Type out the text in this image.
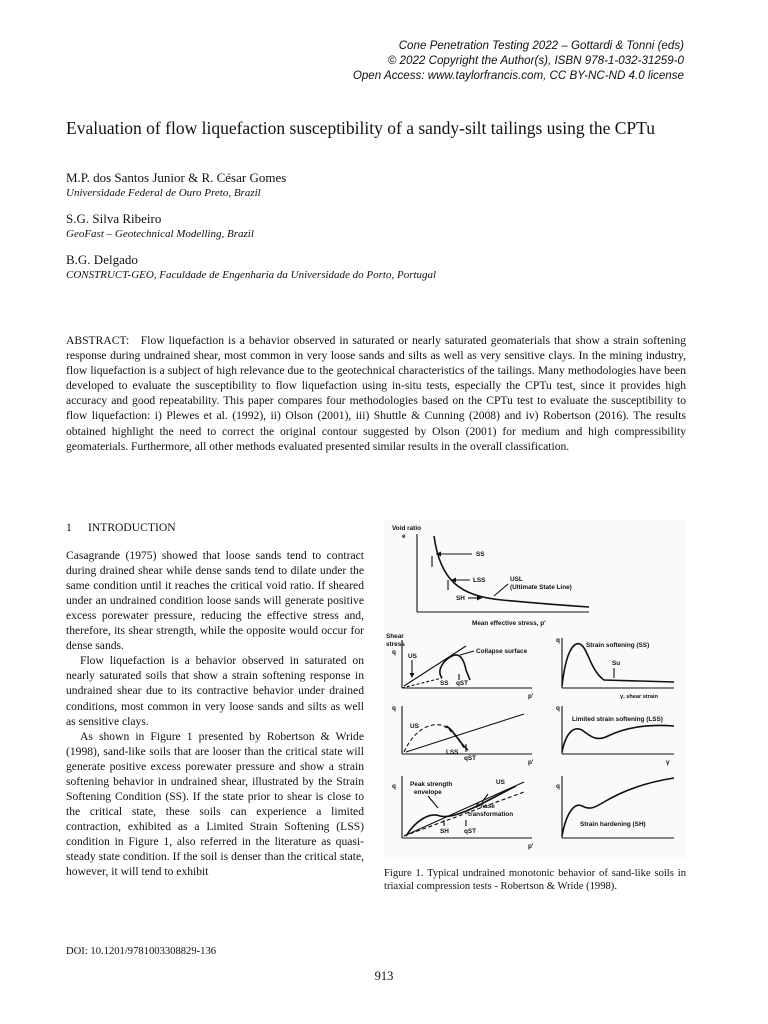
Cone Penetration Testing 2022 – Gottardi & Tonni (eds)
© 2022 Copyright the Author(s), ISBN 978-1-032-31259-0
Open Access: www.taylorfrancis.com, CC BY-NC-ND 4.0 license
Evaluation of flow liquefaction susceptibility of a sandy-silt tailings using the CPTu
M.P. dos Santos Junior & R. César Gomes
Universidade Federal de Ouro Preto, Brazil
S.G. Silva Ribeiro
GeoFast – Geotechnical Modelling, Brazil
B.G. Delgado
CONSTRUCT-GEO, Faculdade de Engenharia da Universidade do Porto, Portugal
ABSTRACT: Flow liquefaction is a behavior observed in saturated or nearly saturated geomaterials that show a strain softening response during undrained shear, most common in very loose sands and silts as well as very sensitive clays. In the mining industry, flow liquefaction is a subject of high relevance due to the geotechnical characteristics of the tailings. Many methodologies have been developed to evaluate the susceptibility to flow liquefaction using in-situ tests, especially the CPTu test, since it provides high accuracy and good repeatability. This paper compares four methodologies based on the CPTu test to evaluate the susceptibility to flow liquefaction: i) Plewes et al. (1992), ii) Olson (2001), iii) Shuttle & Cunning (2008) and iv) Robertson (2016). The results obtained highlight the need to correct the original contour suggested by Olson (2001) for medium and high compressibility geomaterials. Furthermore, all other methods evaluated presented similar results in the overall classification.
1 INTRODUCTION

Casagrande (1975) showed that loose sands tend to contract during drained shear while dense sands tend to dilate under the same condition until it reaches the critical void ratio. If sheared under an undrained condition loose sands will generate positive excess porewater pressure, reducing the effective stress and, therefore, its shear strength, while the opposite would occur for dense sands.

Flow liquefaction is a behavior observed in saturated on nearly saturated soils that show a strain softening response in undrained shear due to its contractive behavior under drained conditions, most common in very loose sands and silts as well as sensitive clays.

As shown in Figure 1 presented by Robertson & Wride (1998), sand-like soils that are looser than the critical state will generate positive excess porewater pressure and show a strain softening behavior in undrained shear, illustrated by the Strain Softening Condition (SS). If the state prior to shear is close to the critical state, these soils can experience a limited contraction, exhibited as a Limited Strain Softening (LSS) condition in Figure 1, also referred in the literature as quasi-steady state condition. If the soil is denser than the critical state, however, it will tend to exhibit

Void ratio
e
SS
LSS
SH
USL
(Ultimate State Line)
Mean effective stress, p'
Shear
stress
q
US
Collapse surface
SS qST
p'
q
Strain softening (SS)
Su
γ, shear strain
q
US
LSS
qST
p'
q
Limited strain softening (LSS)
γ
q Peak strength
envelope
Phase
transformation
US
SH qST
p'
q
Strain hardening (SH)
Figure 1. Typical undrained monotonic behavior of sand-like soils in triaxial compression tests - Robertson & Wride (1998).
DOI: 10.1201/9781003308829-136
913
